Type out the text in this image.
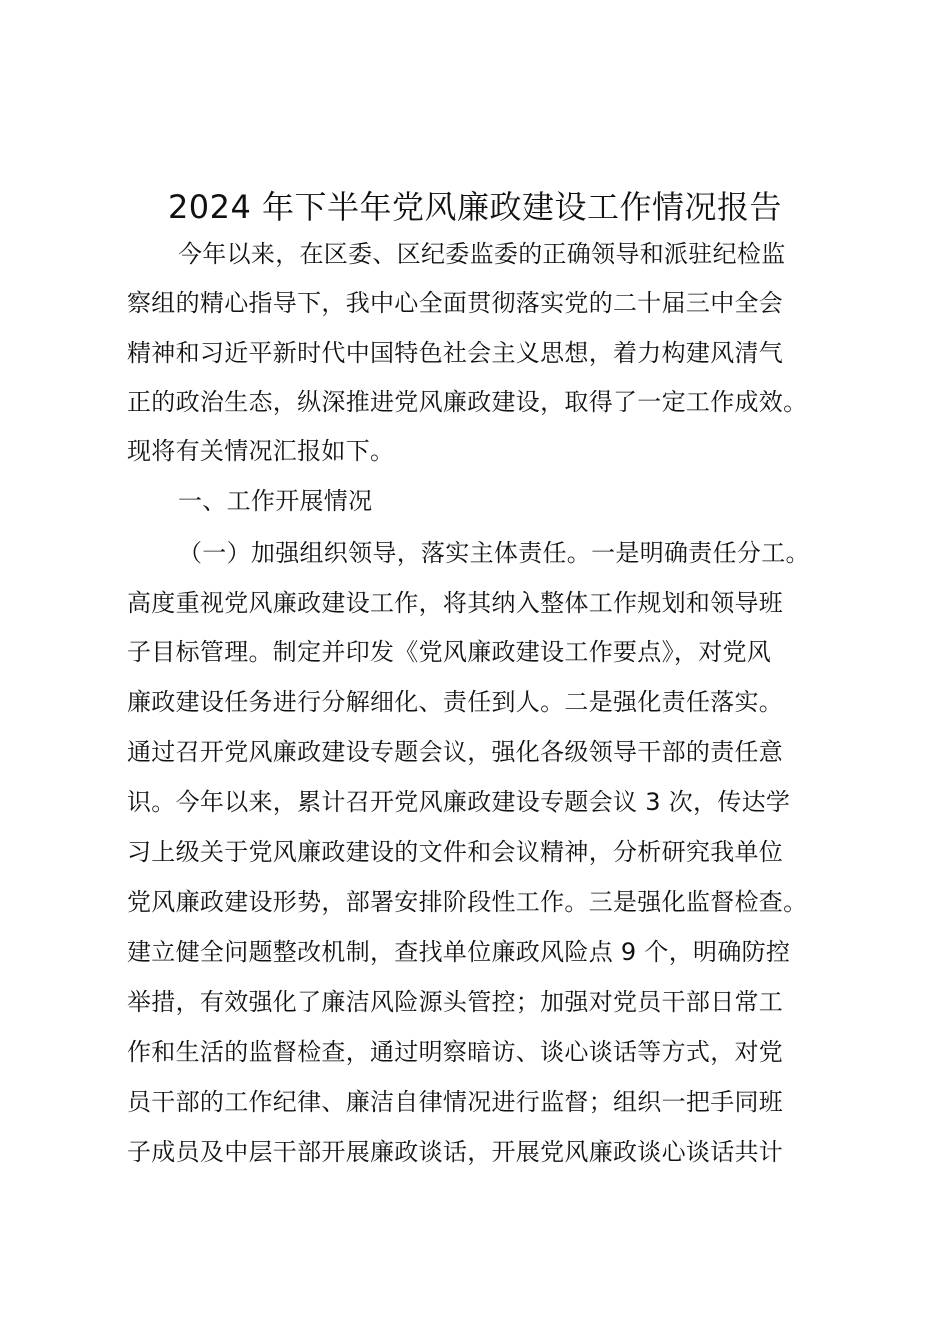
2024 年下半年党风廉政建设工作情况报告
今年以来，在区委、区纪委监委的正确领导和派驻纪检监
察组的精心指导下，我中心全面贯彻落实党的二十届三中全会
精神和习近平新时代中国特色社会主义思想，着力构建风清气
正的政治生态，纵深推进党风廉政建设，取得了一定工作成效。
现将有关情况汇报如下。
一、工作开展情况
（一）加强组织领导，落实主体责任。一是明确责任分工。
高度重视党风廉政建设工作，将其纳入整体工作规划和领导班
子目标管理。制定并印发《党风廉政建设工作要点》，对党风
廉政建设任务进行分解细化、责任到人。二是强化责任落实。
通过召开党风廉政建设专题会议，强化各级领导干部的责任意
识。今年以来，累计召开党风廉政建设专题会议 3 次，传达学
习上级关于党风廉政建设的文件和会议精神，分析研究我单位
党风廉政建设形势，部署安排阶段性工作。三是强化监督检查。
建立健全问题整改机制，查找单位廉政风险点 9 个，明确防控
举措，有效强化了廉洁风险源头管控；加强对党员干部日常工
作和生活的监督检查，通过明察暗访、谈心谈话等方式，对党
员干部的工作纪律、廉洁自律情况进行监督；组织一把手同班
子成员及中层干部开展廉政谈话，开展党风廉政谈心谈话共计
